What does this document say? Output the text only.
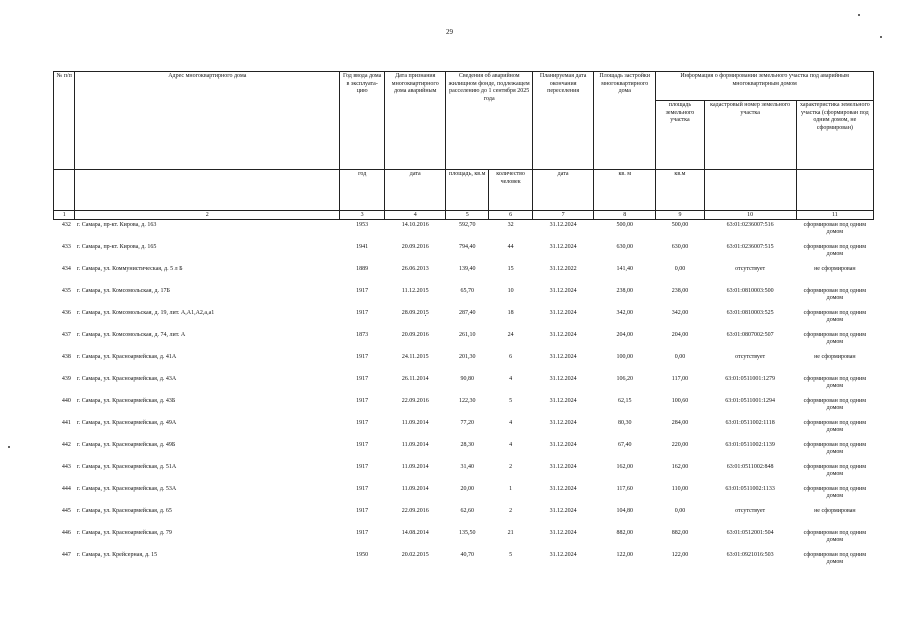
29
№ п/п	Адрес многоквартирного дома	Год ввода дома в эксплуата-цию	Дата признания многоквартирного дома аварийным	Сведения об аварийном жилищном фонде, подлежащем расселению до 1 сентября 2025 года		Планируемая дата окончания переселения	Площадь застройки многоквартирного дома	Информация о формировании земельного участка под аварийным многоквартирным домом		
								площадь земельного участка	кадастровый номер земельного участка	характеристика земельного участка (сформирован под одним домом, не сформирован)
		год	дата	площадь, кв.м	количество человек	дата	кв. м	кв.м		
1	2	3	4	5	6	7	8	9	10	11
432	г. Самара, пр-кт. Кирова, д. 163	1953	14.10.2016	592,70	32	31.12.2024	500,00	500,00	63:01:0236007:516	сформирован под одним домом
433	г. Самара, пр-кт. Кирова, д. 165	1941	20.09.2016	794,40	44	31.12.2024	630,00	630,00	63:01:0236007:515	сформирован под одним домом
434	г. Самара, ул. Коммунистическая, д. 5 л Б	1889	26.06.2013	139,40	15	31.12.2022	141,40	0,00	отсутствует	не сформирован
435	г. Самара, ул. Комсомольская, д. 17Б	1917	11.12.2015	65,70	10	31.12.2024	238,00	238,00	63:01:0810003:500	сформирован под одним домом
436	г. Самара, ул. Комсомольская, д. 19, лит. А,А1,А2,а,а1	1917	28.09.2015	287,40	18	31.12.2024	342,00	342,00	63:01:0810003:525	сформирован под одним домом
437	г. Самара, ул. Комсомольская, д. 74, лит. А	1873	20.09.2016	261,10	24	31.12.2024	204,00	204,00	63:01:0807002:507	сформирован под одним домом
438	г. Самара, ул. Красноармейская, д. 41А	1917	24.11.2015	201,30	6	31.12.2024	100,00	0,00	отсутствует	не сформирован
439	г. Самара, ул. Красноармейская, д. 43А	1917	26.11.2014	90,80	4	31.12.2024	106,20	117,00	63:01:0511001:1279	сформирован под одним домом
440	г. Самара, ул. Красноармейская, д. 43Б	1917	22.09.2016	122,30	5	31.12.2024	62,15	100,60	63:01:0511001:1294	сформирован под одним домом
441	г. Самара, ул. Красноармейская, д. 49А	1917	11.09.2014	77,20	4	31.12.2024	80,30	284,00	63:01:0511002:1118	сформирован под одним домом
442	г. Самара, ул. Красноармейская, д. 49Б	1917	11.09.2014	28,30	4	31.12.2024	67,40	220,00	63:01:0511002:1139	сформирован под одним домом
443	г. Самара, ул. Красноармейская, д. 51А	1917	11.09.2014	31,40	2	31.12.2024	162,00	162,00	63:01:0511002:848	сформирован под одним домом
444	г. Самара, ул. Красноармейская, д. 53А	1917	11.09.2014	20,00	1	31.12.2024	117,60	110,00	63:01:0511002:1133	сформирован под одним домом
445	г. Самара, ул. Красноармейская, д. 65	1917	22.09.2016	62,60	2	31.12.2024	104,80	0,00	отсутствует	не сформирован
446	г. Самара, ул. Красноармейская, д. 79	1917	14.08.2014	135,50	21	31.12.2024	882,00	882,00	63:01:0512001:504	сформирован под одним домом
447	г. Самара, ул. Крейсерная, д. 15	1950	20.02.2015	40,70	5	31.12.2024	122,00	122,00	63:01:0921016:503	сформирован под одним домом
